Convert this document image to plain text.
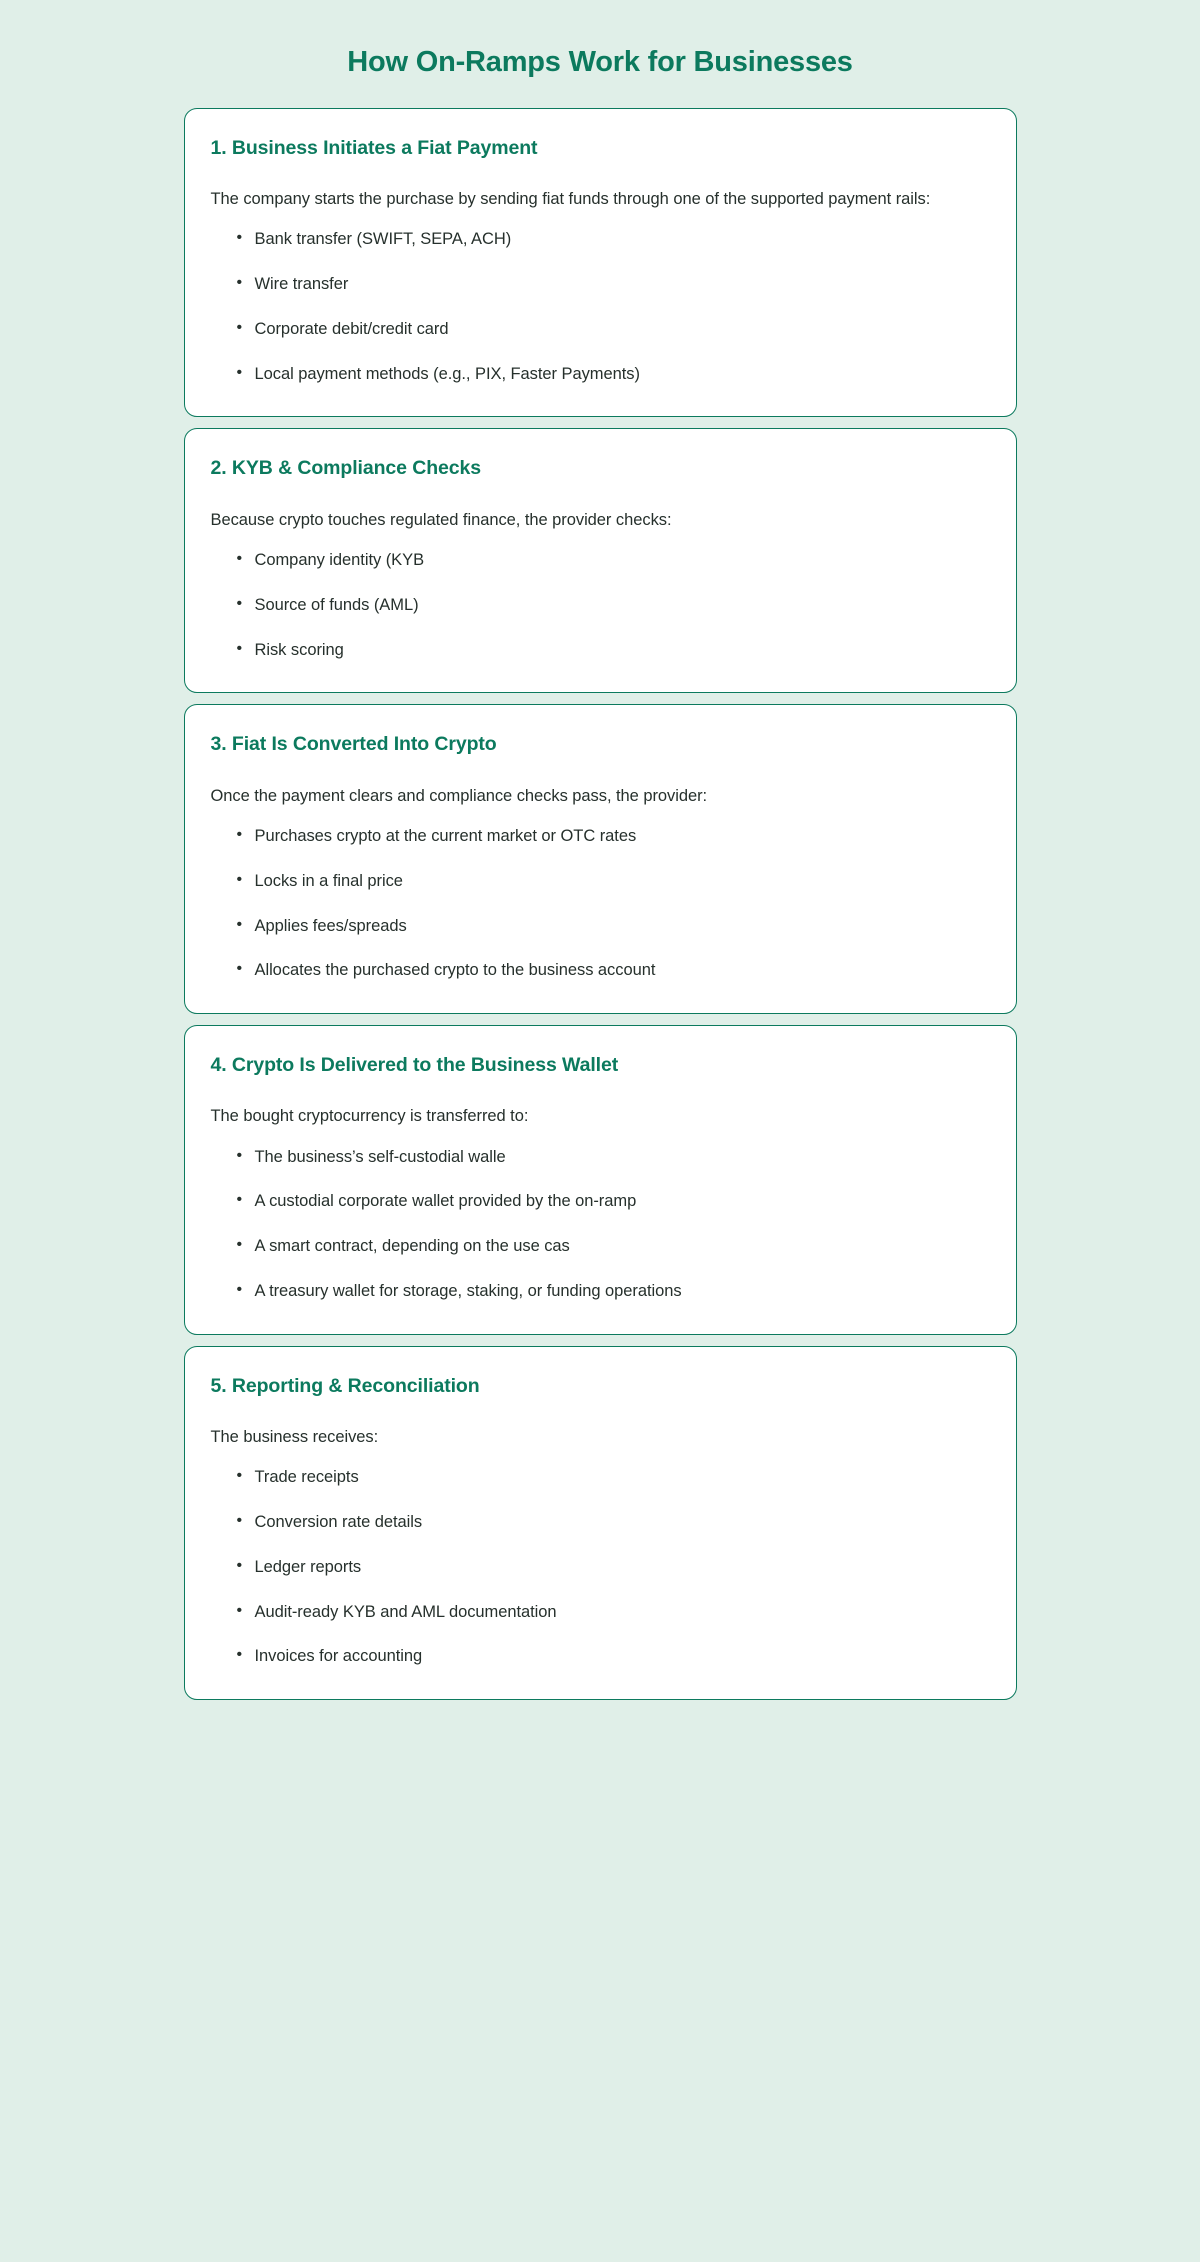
How On-Ramps Work for Businesses
1. Business Initiates a Fiat Payment

The company starts the purchase by sending fiat funds through one of the supported payment rails:

• Bank transfer (SWIFT, SEPA, ACH)
• Wire transfer
• Corporate debit/credit card
• Local payment methods (e.g., PIX, Faster Payments)
2. KYB & Compliance Checks

Because crypto touches regulated finance, the provider checks:

• Company identity (KYB
• Source of funds (AML)
• Risk scoring
3. Fiat Is Converted Into Crypto

Once the payment clears and compliance checks pass, the provider:

• Purchases crypto at the current market or OTC rates
• Locks in a final price
• Applies fees/spreads
• Allocates the purchased crypto to the business account
4. Crypto Is Delivered to the Business Wallet

The bought cryptocurrency is transferred to:

• The business’s self-custodial walle
• A custodial corporate wallet provided by the on-ramp
• A smart contract, depending on the use cas
• A treasury wallet for storage, staking, or funding operations
5. Reporting & Reconciliation

The business receives:

• Trade receipts
• Conversion rate details
• Ledger reports
• Audit-ready KYB and AML documentation
• Invoices for accounting
